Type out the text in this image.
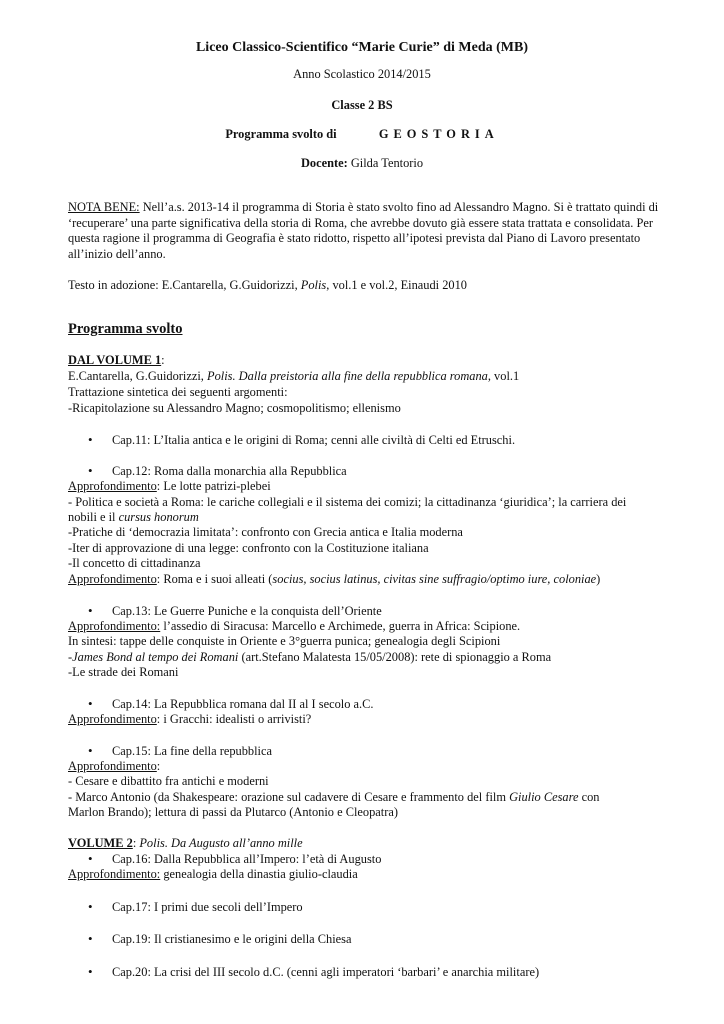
Liceo Classico-Scientifico “Marie Curie” di Meda (MB)
Anno Scolastico 2014/2015
Classe 2 BS
Programma svolto di	GEOSTORIA
Docente: Gilda Tentorio
NOTA BENE: Nell’a.s. 2013-14 il programma di Storia è stato svolto fino ad Alessandro Magno. Si è trattato quindi di ‘recuperare’ una parte significativa della storia di Roma, che avrebbe dovuto già essere stata trattata e consolidata. Per questa ragione il programma di Geografia è stato ridotto, rispetto all’ipotesi prevista dal Piano di Lavoro presentato all’inizio dell’anno.
Testo in adozione: E.Cantarella, G.Guidorizzi, Polis, vol.1 e vol.2, Einaudi 2010
Programma svolto
DAL VOLUME 1:
E.Cantarella, G.Guidorizzi, Polis. Dalla preistoria alla fine della repubblica romana, vol.1
Trattazione sintetica dei seguenti argomenti:
-Ricapitolazione su Alessandro Magno; cosmopolitismo; ellenismo
•Cap.11: L’Italia antica e le origini di Roma; cenni alle civiltà di Celti ed Etruschi.
•Cap.12: Roma dalla monarchia alla Repubblica
Approfondimento: Le lotte patrizi-plebei
- Politica e società a Roma: le cariche collegiali e il sistema dei comizi; la cittadinanza ‘giuridica’; la carriera dei
nobili e il cursus honorum
-Pratiche di ‘democrazia limitata’: confronto con Grecia antica e Italia moderna
-Iter di approvazione di una legge: confronto con la Costituzione italiana
-Il concetto di cittadinanza
Approfondimento: Roma e i suoi alleati (socius, socius latinus, civitas sine suffragio/optimo iure, coloniae)
•Cap.13: Le Guerre Puniche e la conquista dell’Oriente
Approfondimento: l’assedio di Siracusa: Marcello e Archimede, guerra in Africa: Scipione.
In sintesi: tappe delle conquiste in Oriente e 3°guerra punica; genealogia degli Scipioni
-James Bond al tempo dei Romani (art.Stefano Malatesta 15/05/2008): rete di spionaggio a Roma
-Le strade dei Romani
•Cap.14: La Repubblica romana dal II al I secolo a.C.
Approfondimento: i Gracchi: idealisti o arrivisti?
•Cap.15: La fine della repubblica
Approfondimento:
- Cesare e dibattito fra antichi e moderni
- Marco Antonio (da Shakespeare: orazione sul cadavere di Cesare e frammento del film Giulio Cesare con
Marlon Brando); lettura di passi da Plutarco (Antonio e Cleopatra)
VOLUME 2: Polis. Da Augusto all’anno mille
•Cap.16: Dalla Repubblica all’Impero: l’età di Augusto
Approfondimento: genealogia della dinastia giulio-claudia
•Cap.17: I primi due secoli dell’Impero
•Cap.19: Il cristianesimo e le origini della Chiesa
•Cap.20: La crisi del III secolo d.C. (cenni agli imperatori ‘barbari’ e anarchia militare)
